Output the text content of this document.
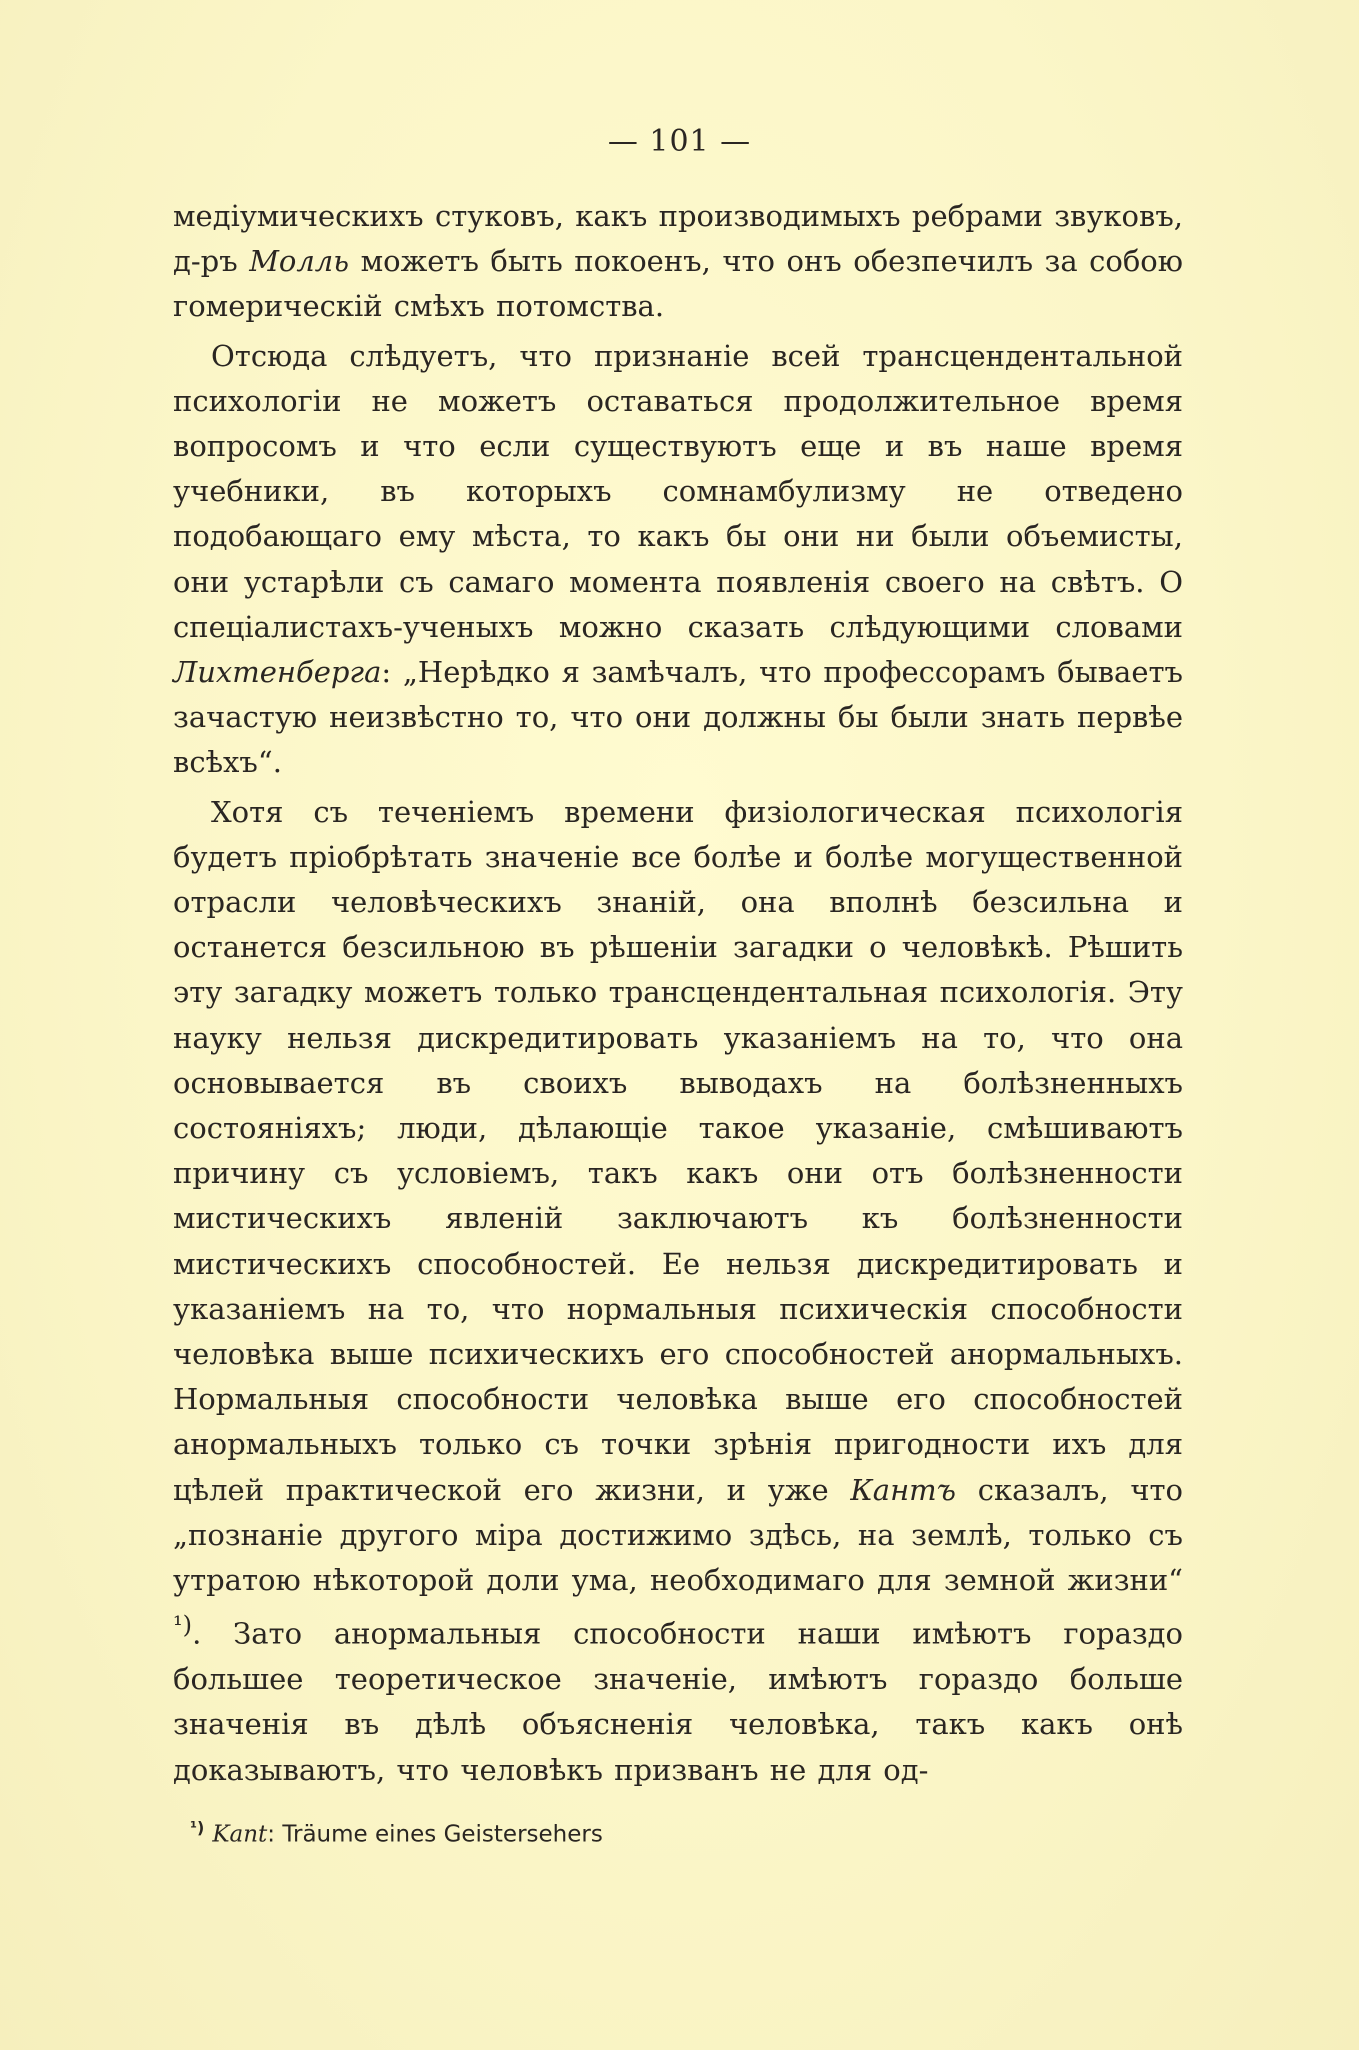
— 101 —

медіумическихъ стуковъ, какъ производимыхъ ребрами звуковъ, д-ръ Молль можетъ быть покоенъ, что онъ обезпечилъ за собою гомерическій смѣхъ потомства.

Отсюда слѣдуетъ, что признаніе всей трансцендентальной психологіи не можетъ оставаться продолжительное время вопросомъ и что если существуютъ еще и въ наше время учебники, въ которыхъ сомнамбулизму не отведено подобающаго ему мѣста, то какъ бы они ни были объемисты, они устарѣли съ самаго момента появленія своего на свѣтъ. О спеціалистахъ-ученыхъ можно сказать слѣдующими словами Лихтенберга: „Нерѣдко я замѣчалъ, что профессорамъ бываетъ зачастую неизвѣстно то, что они должны бы были знать первѣе всѣхъ“.

Хотя съ теченіемъ времени физіологическая психологія будетъ пріобрѣтать значеніе все болѣе и болѣе могущественной отрасли человѣческихъ знаній, она вполнѣ безсильна и останется безсильною въ рѣшеніи загадки о человѣкѣ. Рѣшить эту загадку можетъ только трансцендентальная психологія. Эту науку нельзя дискредитировать указаніемъ на то, что она основывается въ своихъ выводахъ на болѣзненныхъ состояніяхъ; люди, дѣлающіе такое указаніе, смѣшиваютъ причину съ условіемъ, такъ какъ они отъ болѣзненности мистическихъ явленій заключаютъ къ болѣзненности мистическихъ способностей. Ее нельзя дискредитировать и указаніемъ на то, что нормальныя психическія способности человѣка выше психическихъ его способностей анормальныхъ. Нормальныя способности человѣка выше его способностей анормальныхъ только съ точки зрѣнія пригодности ихъ для цѣлей практической его жизни, и уже Кантъ сказалъ, что „познаніе другого міра достижимо здѣсь, на землѣ, только съ утратою нѣкоторой доли ума, необходимаго для земной жизни“ $^{^1)}$. Зато анормальныя способности наши имѣютъ гораздо большее теоретическое значеніе, имѣютъ гораздо больше значенія въ дѣлѣ объясненія человѣка, такъ какъ онѣ доказываютъ, что человѣкъ призванъ не для од-

$^{^1)}$ Kant: Träume eines Geistersehers
